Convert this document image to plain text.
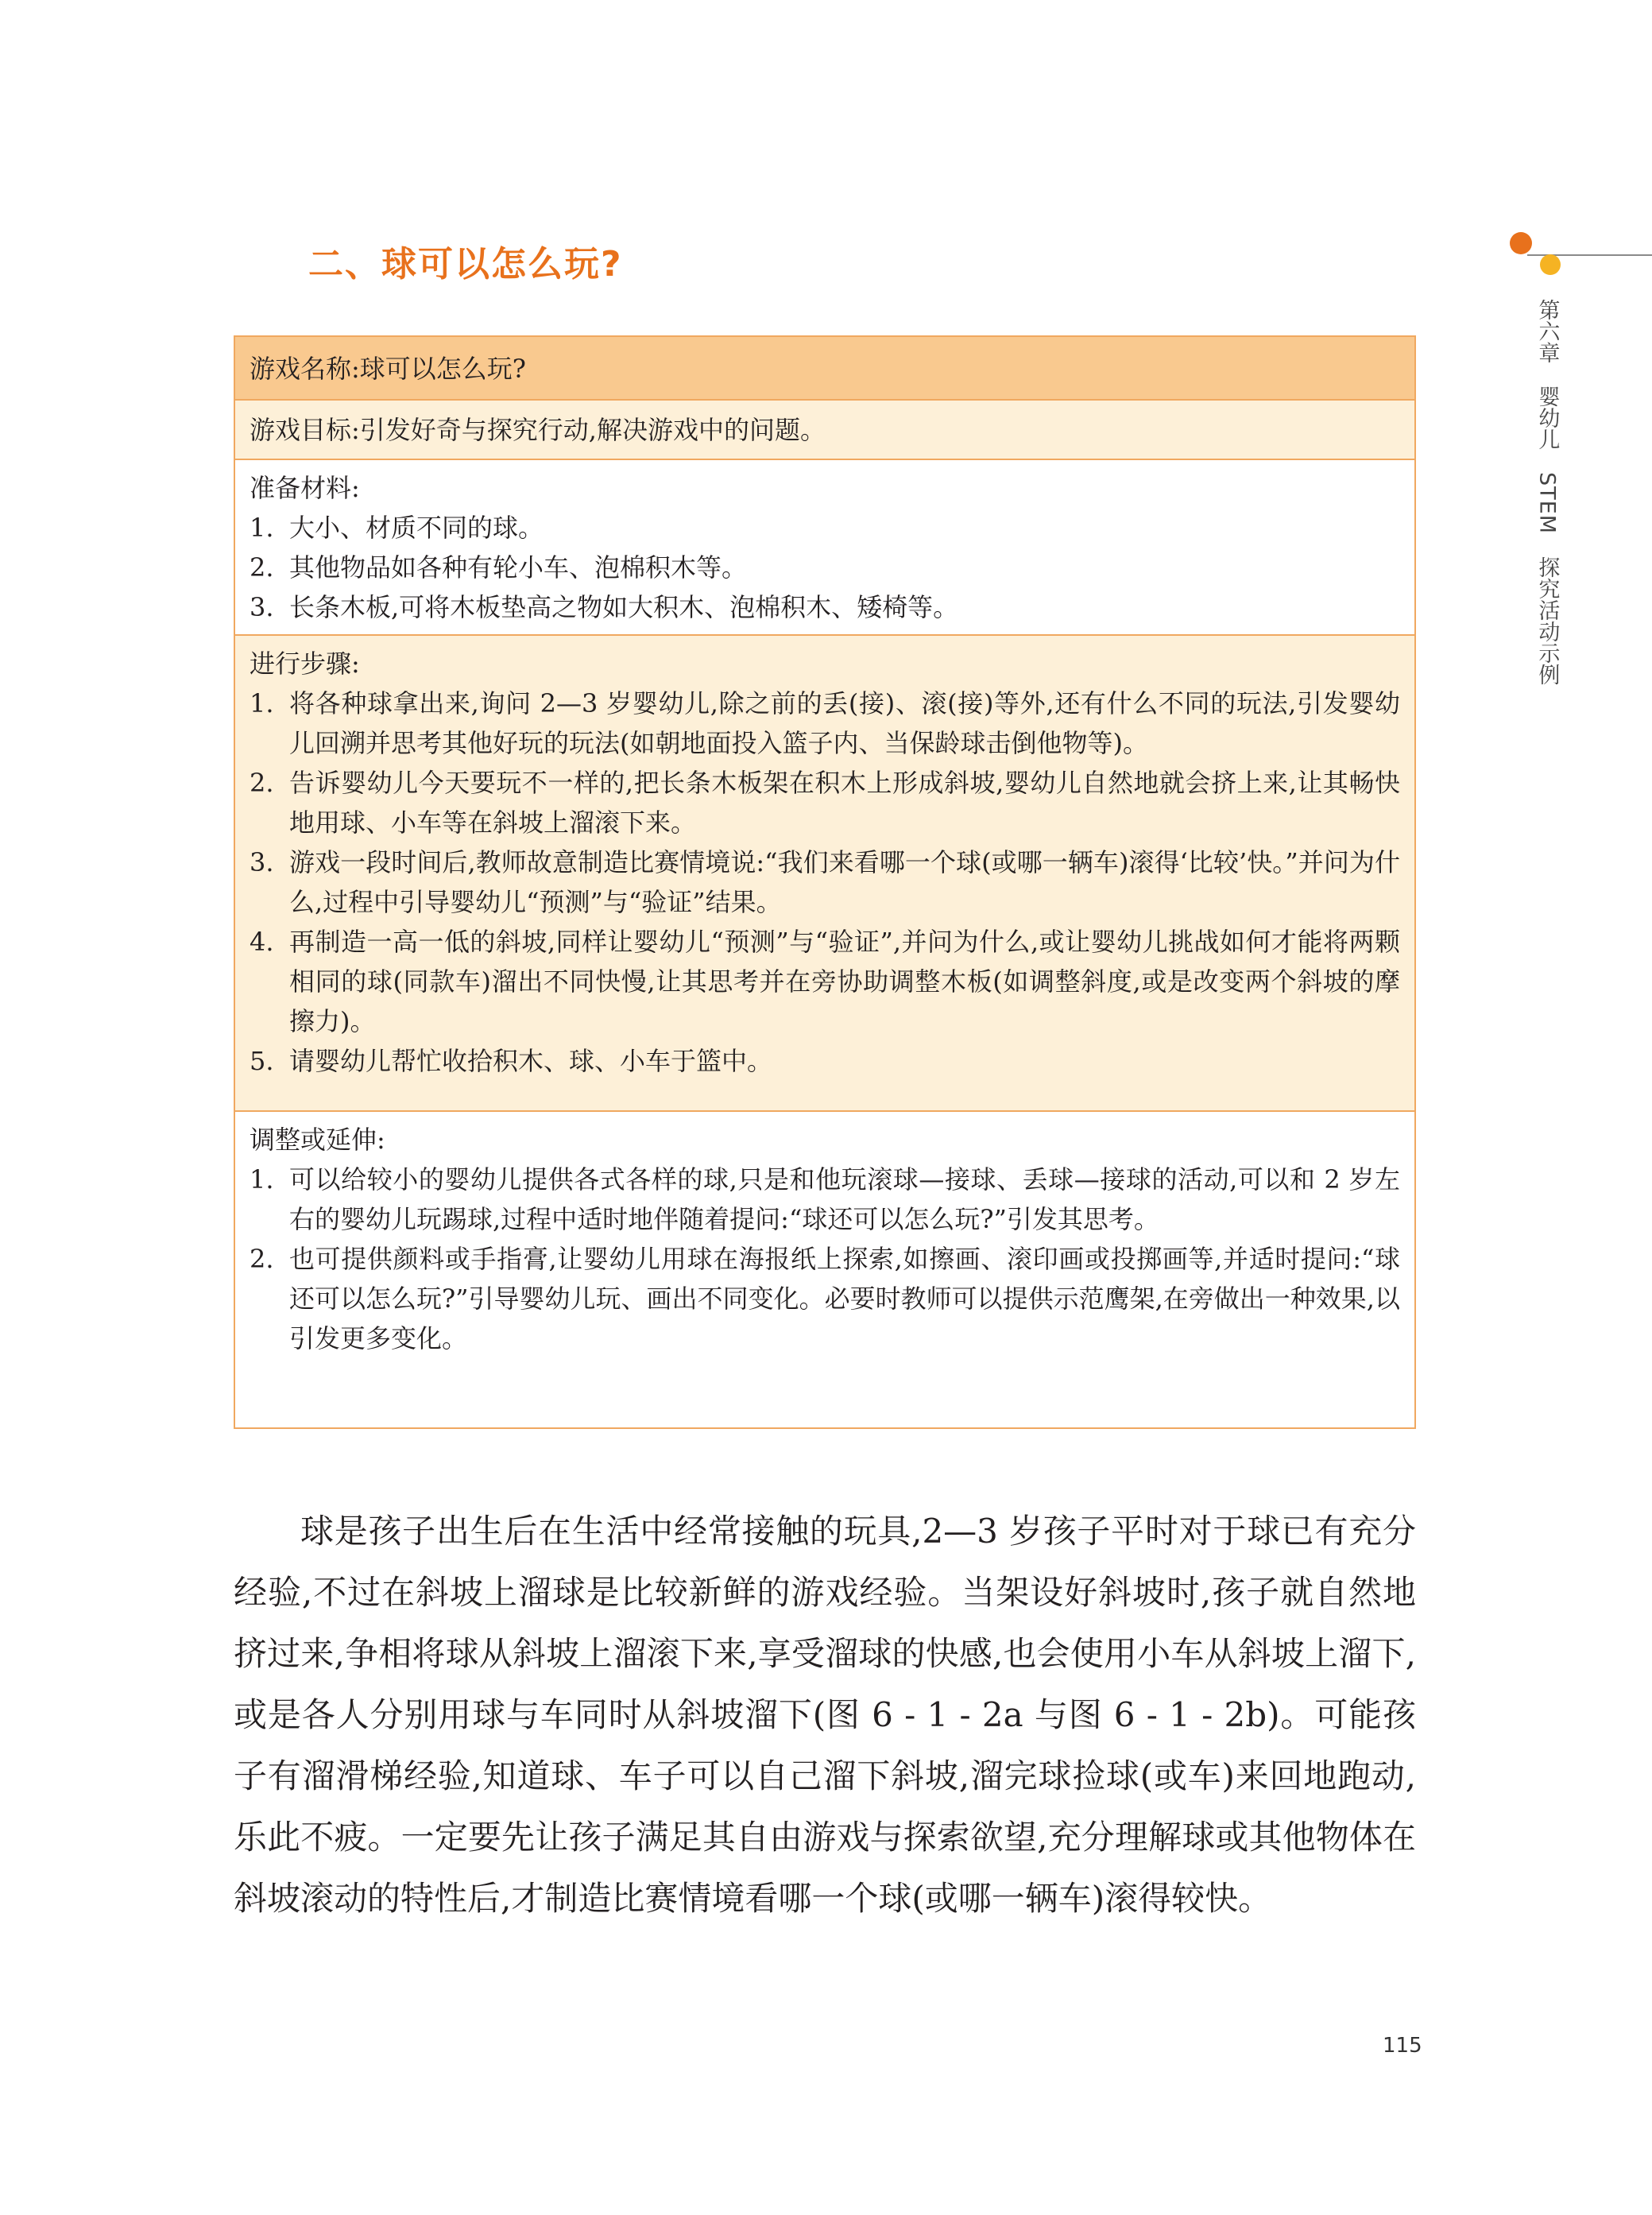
二、球可以怎么玩?
第六章婴幼儿STEM探究活动示例
游戏名称:球可以怎么玩?
游戏目标:引发好奇与探究行动,解决游戏中的问题。
准备材料:
1. 大小、材质不同的球。
2. 其他物品如各种有轮小车、泡棉积木等。
3. 长条木板,可将木板垫高之物如大积木、泡棉积木、矮椅等。
进行步骤:
1. 将各种球拿出来,询问 2—3 岁婴幼儿,除之前的丢(接)、滚(接)等外,还有什么不同的玩法,引发婴幼儿回溯并思考其他好玩的玩法(如朝地面投入篮子内、当保龄球击倒他物等)。
2. 告诉婴幼儿今天要玩不一样的,把长条木板架在积木上形成斜坡,婴幼儿自然地就会挤上来,让其畅快地用球、小车等在斜坡上溜滚下来。
3. 游戏一段时间后,教师故意制造比赛情境说:“我们来看哪一个球(或哪一辆车)滚得‘比较’快。”并问为什么,过程中引导婴幼儿“预测”与“验证”结果。
4. 再制造一高一低的斜坡,同样让婴幼儿“预测”与“验证”,并问为什么,或让婴幼儿挑战如何才能将两颗相同的球(同款车)溜出不同快慢,让其思考并在旁协助调整木板(如调整斜度,或是改变两个斜坡的摩擦力)。
5. 请婴幼儿帮忙收拾积木、球、小车于篮中。
调整或延伸:
1. 可以给较小的婴幼儿提供各式各样的球,只是和他玩滚球—接球、丢球—接球的活动,可以和 2 岁左右的婴幼儿玩踢球,过程中适时地伴随着提问:“球还可以怎么玩?”引发其思考。
2. 也可提供颜料或手指膏,让婴幼儿用球在海报纸上探索,如擦画、滚印画或投掷画等,并适时提问:“球还可以怎么玩?”引导婴幼儿玩、画出不同变化。必要时教师可以提供示范鹰架,在旁做出一种效果,以引发更多变化。

球是孩子出生后在生活中经常接触的玩具,2—3 岁孩子平时对于球已有充分经验,不过在斜坡上溜球是比较新鲜的游戏经验。当架设好斜坡时,孩子就自然地挤过来,争相将球从斜坡上溜滚下来,享受溜球的快感,也会使用小车从斜坡上溜下,或是各人分别用球与车同时从斜坡溜下(图 6 - 1 - 2a 与图 6 - 1 - 2b)。可能孩子有溜滑梯经验,知道球、车子可以自己溜下斜坡,溜完球捡球(或车)来回地跑动,乐此不疲。一定要先让孩子满足其自由游戏与探索欲望,充分理解球或其他物体在斜坡滚动的特性后,才制造比赛情境看哪一个球(或哪一辆车)滚得较快。

115
